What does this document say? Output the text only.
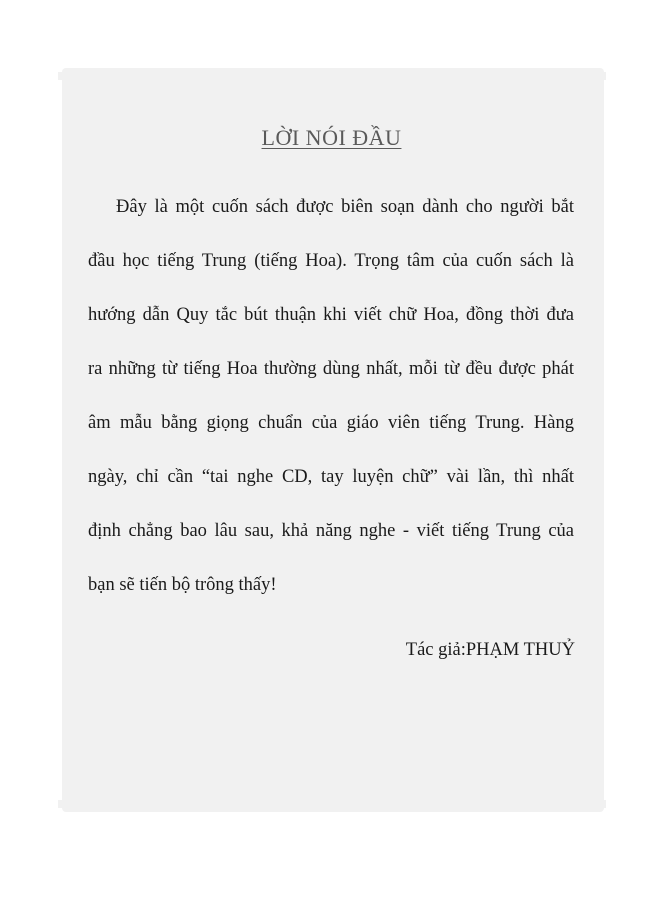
LỜI NÓI ĐẦU
Đây là một cuốn sách được biên soạn dành cho người bắt
đầu học tiếng Trung (tiếng Hoa). Trọng tâm của cuốn sách là
hướng dẫn Quy tắc bút thuận khi viết chữ Hoa, đồng thời đưa
ra những từ tiếng Hoa thường dùng nhất, mỗi từ đều được phát
âm mẫu bằng giọng chuẩn của giáo viên tiếng Trung. Hàng
ngày, chỉ cần “tai nghe CD, tay luyện chữ” vài lần, thì nhất
định chẳng bao lâu sau, khả năng nghe - viết tiếng Trung của
bạn sẽ tiến bộ trông thấy!
Tác giả:PHẠM THUỶ
